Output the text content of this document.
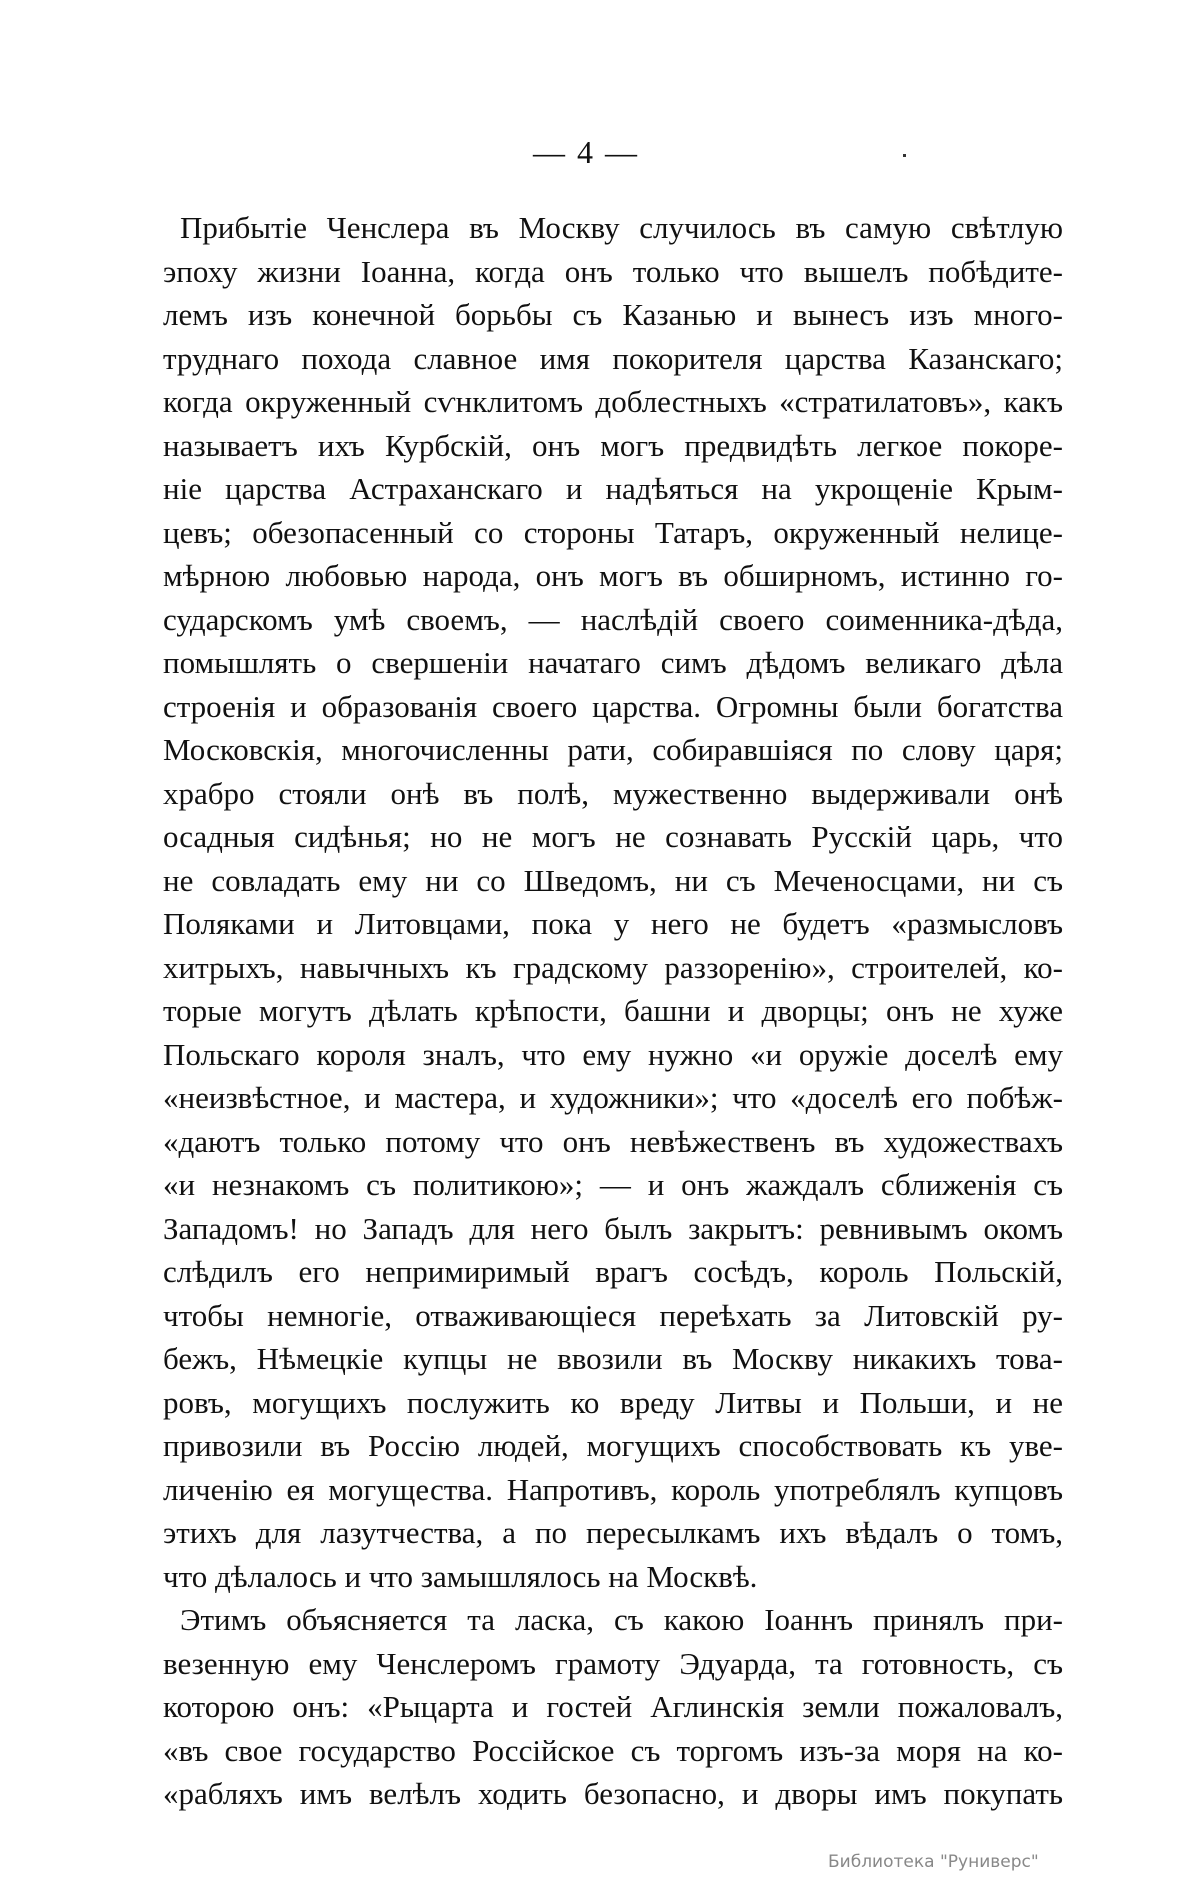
— 4 —
Прибытіе Ченслера въ Москву случилось въ самую свѣтлую
эпоху жизни Іоанна, когда онъ только что вышелъ побѣдите-
лемъ изъ конечной борьбы съ Казанью и вынесъ изъ много-
труднаго похода славное имя покорителя царства Казанскаго;
когда окруженный сѵнклитомъ доблестныхъ «стратилатовъ», какъ
называетъ ихъ Курбскій, онъ могъ предвидѣть легкое покоре-
ніе царства Астраханскаго и надѣяться на укрощеніе Крым-
цевъ; обезопасенный со стороны Татаръ, окруженный нелице-
мѣрною любовью народа, онъ могъ въ обширномъ, истинно го-
сударскомъ умѣ своемъ, — наслѣдій своего соименника-дѣда,
помышлять о свершеніи начатаго симъ дѣдомъ великаго дѣла
строенія и образованія своего царства. Огромны были богатства
Московскія, многочисленны рати, собиравшіяся по слову царя;
храбро стояли онѣ въ полѣ, мужественно выдерживали онѣ
осадныя сидѣнья; но не могъ не сознавать Русскій царь, что
не совладать ему ни со Шведомъ, ни съ Меченосцами, ни съ
Поляками и Литовцами, пока у него не будетъ «размысловъ
хитрыхъ, навычныхъ къ градскому раззоренію», строителей, ко-
торые могутъ дѣлать крѣпости, башни и дворцы; онъ не хуже
Польскаго короля зналъ, что ему нужно «и оружіе доселѣ ему
«неизвѣстное, и мастера, и художники»; что «доселѣ его побѣж-
«даютъ только потому что онъ невѣжественъ въ художествахъ
«и незнакомъ съ политикою»; — и онъ жаждалъ сближенія съ
Западомъ! но Западъ для него былъ закрытъ: ревнивымъ окомъ
слѣдилъ его непримиримый врагъ сосѣдъ, король Польскій,
чтобы немногіе, отваживающіеся переѣхать за Литовскій ру-
бежъ, Нѣмецкіе купцы не ввозили въ Москву никакихъ това-
ровъ, могущихъ послужить ко вреду Литвы и Польши, и не
привозили въ Россію людей, могущихъ способствовать къ уве-
личенію ея могущества. Напротивъ, король употреблялъ купцовъ
этихъ для лазутчества, а по пересылкамъ ихъ вѣдалъ о томъ,
что дѣлалось и что замышлялось на Москвѣ.
Этимъ объясняется та ласка, съ какою Іоаннъ принялъ при-
везенную ему Ченслеромъ грамоту Эдуарда, та готовность, съ
которою онъ: «Рыцарта и гостей Аглинскія земли пожаловалъ,
«въ свое государство Россійское съ торгомъ изъ-за моря на ко-
«рабляхъ имъ велѣлъ ходить безопасно, и дворы имъ покупать
Библиотека "Руниверс"
